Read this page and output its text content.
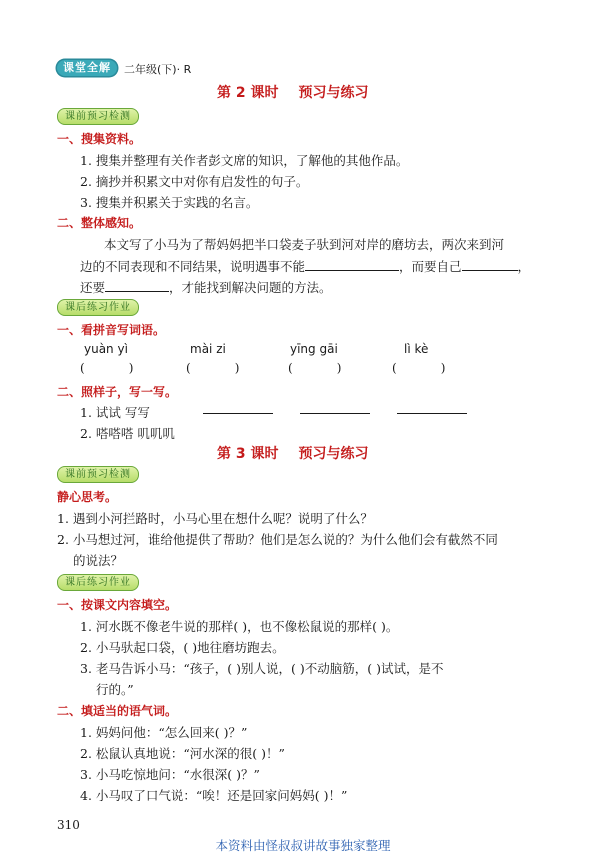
课堂全解	二年级(下)· R
第 2 课时 预习与练习
课前预习检测
一、搜集资料。
1. 搜集并整理有关作者彭文席的知识，了解他的其他作品。
2. 摘抄并积累文中对你有启发性的句子。
3. 搜集并积累关于实践的名言。
二、整体感知。
本文写了小马为了帮妈妈把半口袋麦子驮到河对岸的磨坊去，两次来到河
边的不同表现和不同结果，说明遇事不能	，而要自己	，
还要	，才能找到解决问题的方法。
课后练习作业
一、看拼音写词语。
yuàn yì	mài zi	yīng gāi	lì kè
(	)	(	)	(	)	(	)
二、照样子，写一写。
1. 试试 写写
2. 嗒嗒嗒 叽叽叽
第 3 课时 预习与练习
课前预习检测
静心思考。
1. 遇到小河拦路时，小马心里在想什么呢？说明了什么？
2. 小马想过河，谁给他提供了帮助？他们是怎么说的？为什么他们会有截然不同
的说法？
课后练习作业
一、按课文内容填空。
1. 河水既不像老牛说的那样( )，也不像松鼠说的那样( )。
2. 小马驮起口袋，( )地往磨坊跑去。
3. 老马告诉小马：“孩子，( )别人说，( )不动脑筋，( )试试，是不
行的。”
二、填适当的语气词。
1. 妈妈问他：“怎么回来( )？”
2. 松鼠认真地说：“河水深的很( )！”
3. 小马吃惊地问：“水很深( )？”
4. 小马叹了口气说：“唉！还是回家问妈妈( )！”
310
本资料由怪叔叔讲故事独家整理
